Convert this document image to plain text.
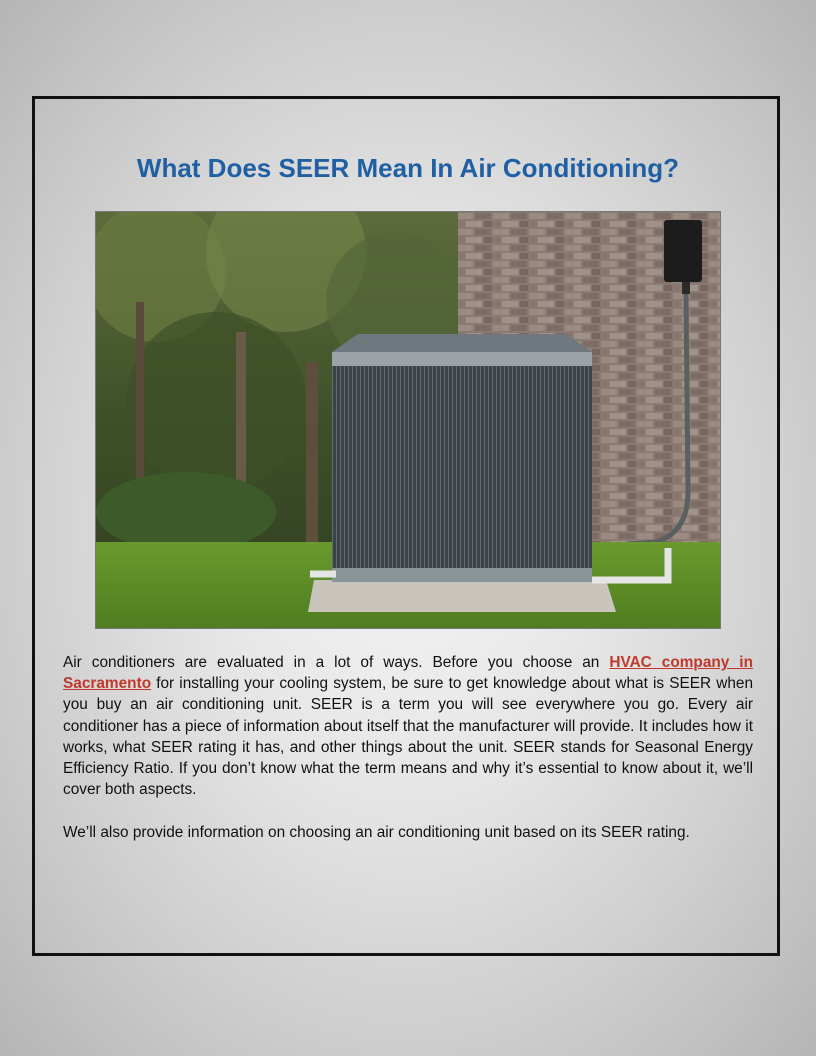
What Does SEER Mean In Air Conditioning?

Air conditioners are evaluated in a lot of ways. Before you choose an HVAC company in Sacramento for installing your cooling system, be sure to get knowledge about what is SEER when you buy an air conditioning unit. SEER is a term you will see everywhere you go. Every air conditioner has a piece of information about itself that the manufacturer will provide. It includes how it works, what SEER rating it has, and other things about the unit. SEER stands for Seasonal Energy Efficiency Ratio. If you don’t know what the term means and why it’s essential to know about it, we’ll cover both aspects.

We’ll also provide information on choosing an air conditioning unit based on its SEER rating.
